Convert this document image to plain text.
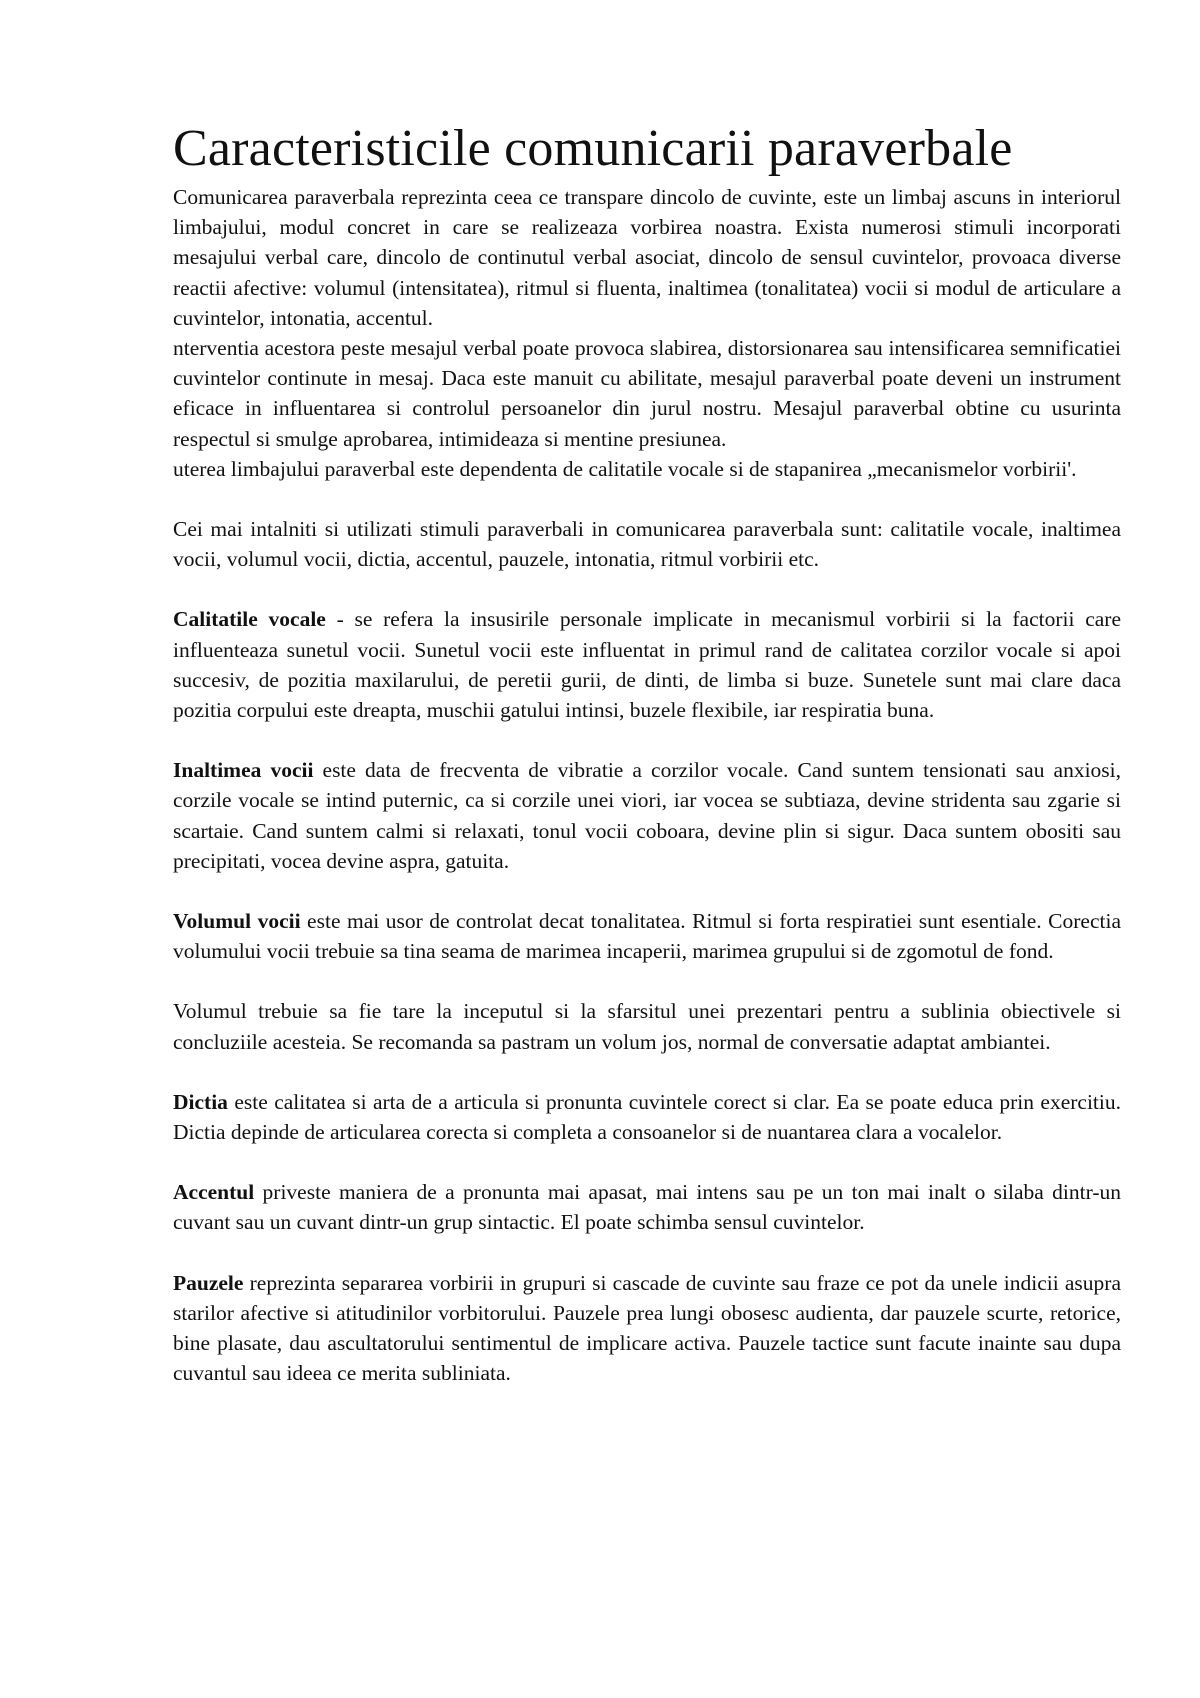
Caracteristicile comunicarii paraverbale

Comunicarea paraverbala reprezinta ceea ce transpare dincolo de cuvinte, este un limbaj ascuns in interiorul limbajului, modul concret in care se realizeaza vorbirea noastra. Exista numerosi stimuli incorporati mesajului verbal care, dincolo de continutul verbal asociat, dincolo de sensul cuvintelor, provoaca diverse reactii afective: volumul (intensitatea), ritmul si fluenta, inaltimea (tonalitatea) vocii si modul de articulare a cuvintelor, intonatia, accentul.

nterventia acestora peste mesajul verbal poate provoca slabirea, distorsionarea sau intensificarea semnificatiei cuvintelor continute in mesaj. Daca este manuit cu abilitate, mesajul paraverbal poate deveni un instrument eficace in influentarea si controlul persoanelor din jurul nostru. Mesajul paraverbal obtine cu usurinta respectul si smulge aprobarea, intimideaza si mentine presiunea.

uterea limbajului paraverbal este dependenta de calitatile vocale si de stapanirea „mecanismelor vorbirii'.

Cei mai intalniti si utilizati stimuli paraverbali in comunicarea paraverbala sunt: calitatile vocale, inaltimea vocii, volumul vocii, dictia, accentul, pauzele, intonatia, ritmul vorbirii etc.

Calitatile vocale - se refera la insusirile personale implicate in mecanismul vorbirii si la factorii care influenteaza sunetul vocii. Sunetul vocii este influentat in primul rand de calitatea corzilor vocale si apoi succesiv, de pozitia maxilarului, de peretii gurii, de dinti, de limba si buze. Sunetele sunt mai clare daca pozitia corpului este dreapta, muschii gatului intinsi, buzele flexibile, iar respiratia buna.

Inaltimea vocii este data de frecventa de vibratie a corzilor vocale. Cand suntem tensionati sau anxiosi, corzile vocale se intind puternic, ca si corzile unei viori, iar vocea se subtiaza, devine stridenta sau zgarie si scartaie. Cand suntem calmi si relaxati, tonul vocii coboara, devine plin si sigur. Daca suntem obositi sau precipitati, vocea devine aspra, gatuita.

Volumul vocii este mai usor de controlat decat tonalitatea. Ritmul si forta respiratiei sunt esentiale. Corectia volumului vocii trebuie sa tina seama de marimea incaperii, marimea grupului si de zgomotul de fond.

Volumul trebuie sa fie tare la inceputul si la sfarsitul unei prezentari pentru a sublinia obiectivele si concluziile acesteia. Se recomanda sa pastram un volum jos, normal de conversatie adaptat ambiantei.

Dictia este calitatea si arta de a articula si pronunta cuvintele corect si clar. Ea se poate educa prin exercitiu. Dictia depinde de articularea corecta si completa a consoanelor si de nuantarea clara a vocalelor.

Accentul priveste maniera de a pronunta mai apasat, mai intens sau pe un ton mai inalt o silaba dintr-un cuvant sau un cuvant dintr-un grup sintactic. El poate schimba sensul cuvintelor.

Pauzele reprezinta separarea vorbirii in grupuri si cascade de cuvinte sau fraze ce pot da unele indicii asupra starilor afective si atitudinilor vorbitorului. Pauzele prea lungi obosesc audienta, dar pauzele scurte, retorice, bine plasate, dau ascultatorului sentimentul de implicare activa. Pauzele tactice sunt facute inainte sau dupa cuvantul sau ideea ce merita subliniata.
